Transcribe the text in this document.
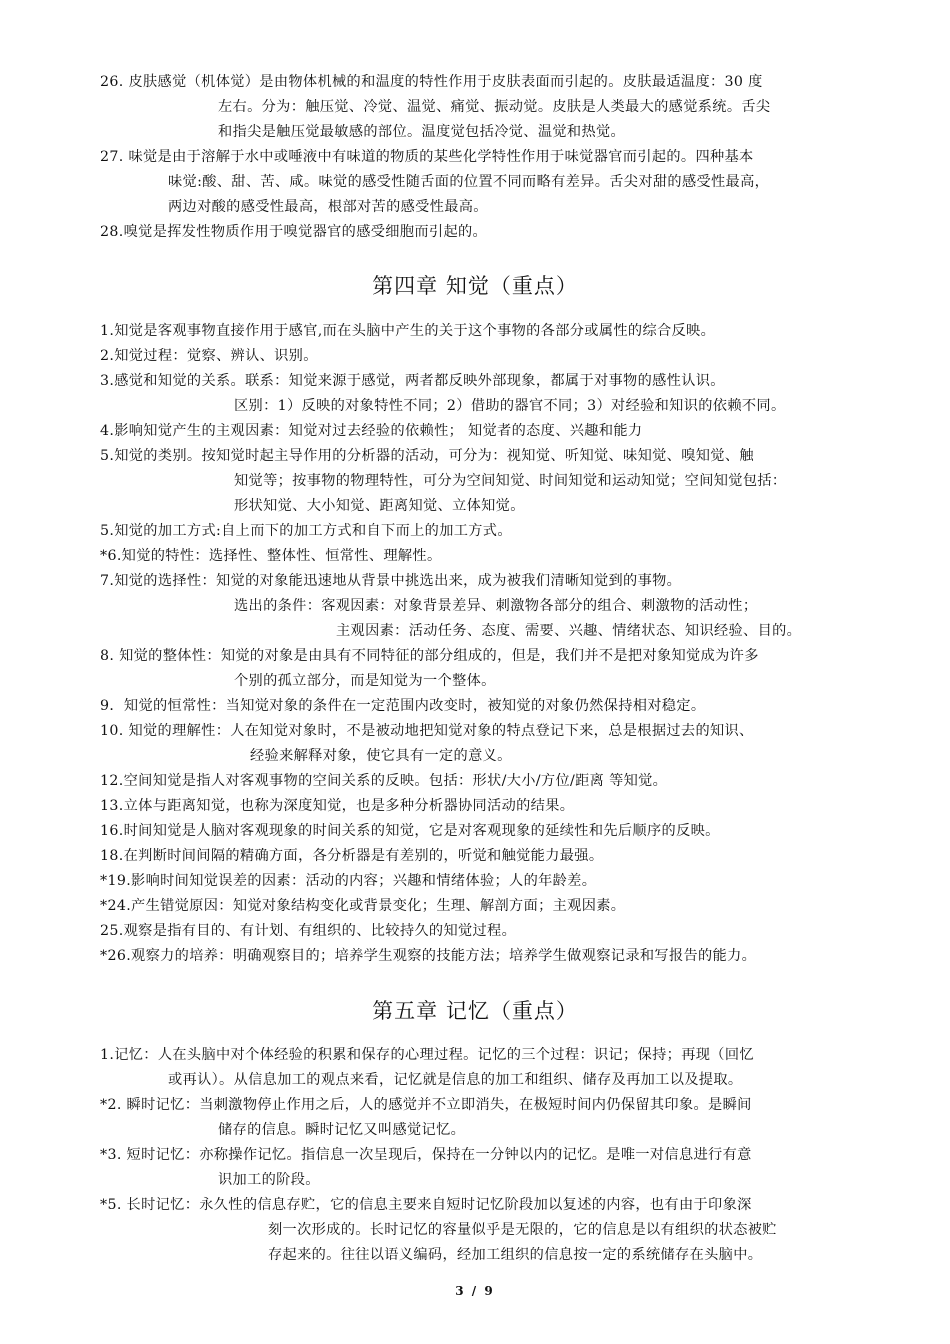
26. 皮肤感觉（机体觉）是由物体机械的和温度的特性作用于皮肤表面而引起的。皮肤最适温度：30 度
左右。分为：触压觉、冷觉、温觉、痛觉、振动觉。皮肤是人类最大的感觉系统。舌尖
和指尖是触压觉最敏感的部位。温度觉包括冷觉、温觉和热觉。
27. 味觉是由于溶解于水中或唾液中有味道的物质的某些化学特性作用于味觉器官而引起的。四种基本
味觉:酸、甜、苦、咸。味觉的感受性随舌面的位置不同而略有差异。舌尖对甜的感受性最高，
两边对酸的感受性最高，根部对苦的感受性最高。
28.嗅觉是挥发性物质作用于嗅觉器官的感受细胞而引起的。
第四章 知觉（重点）
1.知觉是客观事物直接作用于感官,而在头脑中产生的关于这个事物的各部分或属性的综合反映。
2.知觉过程：觉察、辨认、识别。
3.感觉和知觉的关系。联系：知觉来源于感觉，两者都反映外部现象，都属于对事物的感性认识。
区别：1）反映的对象特性不同；2）借助的器官不同；3）对经验和知识的依赖不同。
4.影响知觉产生的主观因素：知觉对过去经验的依赖性； 知觉者的态度、兴趣和能力
5.知觉的类别。按知觉时起主导作用的分析器的活动，可分为：视知觉、听知觉、味知觉、嗅知觉、触
知觉等；按事物的物理特性，可分为空间知觉、时间知觉和运动知觉；空间知觉包括：
形状知觉、大小知觉、距离知觉、立体知觉。
5.知觉的加工方式:自上而下的加工方式和自下而上的加工方式。
*6.知觉的特性：选择性、整体性、恒常性、理解性。
7.知觉的选择性：知觉的对象能迅速地从背景中挑选出来，成为被我们清晰知觉到的事物。
选出的条件：客观因素：对象背景差异、刺激物各部分的组合、刺激物的活动性；
主观因素：活动任务、态度、需要、兴趣、情绪状态、知识经验、目的。
8. 知觉的整体性：知觉的对象是由具有不同特征的部分组成的，但是，我们并不是把对象知觉成为许多
个别的孤立部分，而是知觉为一个整体。
9．知觉的恒常性：当知觉对象的条件在一定范围内改变时，被知觉的对象仍然保持相对稳定。
10. 知觉的理解性：人在知觉对象时，不是被动地把知觉对象的特点登记下来，总是根据过去的知识、
经验来解释对象，使它具有一定的意义。
12.空间知觉是指人对客观事物的空间关系的反映。包括：形状/大小/方位/距离 等知觉。
13.立体与距离知觉，也称为深度知觉，也是多种分析器协同活动的结果。
16.时间知觉是人脑对客观现象的时间关系的知觉，它是对客观现象的延续性和先后顺序的反映。
18.在判断时间间隔的精确方面，各分析器是有差别的，听觉和触觉能力最强。
*19.影响时间知觉误差的因素：活动的内容；兴趣和情绪体验；人的年龄差。
*24.产生错觉原因：知觉对象结构变化或背景变化；生理、解剖方面；主观因素。
25.观察是指有目的、有计划、有组织的、比较持久的知觉过程。
*26.观察力的培养：明确观察目的；培养学生观察的技能方法；培养学生做观察记录和写报告的能力。
第五章 记忆（重点）
1.记忆：人在头脑中对个体经验的积累和保存的心理过程。记忆的三个过程：识记；保持；再现（回忆
或再认）。从信息加工的观点来看，记忆就是信息的加工和组织、储存及再加工以及提取。
*2. 瞬时记忆：当刺激物停止作用之后，人的感觉并不立即消失，在极短时间内仍保留其印象。是瞬间
储存的信息。瞬时记忆又叫感觉记忆。
*3. 短时记忆：亦称操作记忆。指信息一次呈现后，保持在一分钟以内的记忆。是唯一对信息进行有意
识加工的阶段。
*5. 长时记忆：永久性的信息存贮，它的信息主要来自短时记忆阶段加以复述的内容，也有由于印象深
刻一次形成的。长时记忆的容量似乎是无限的，它的信息是以有组织的状态被贮
存起来的。往往以语义编码，经加工组织的信息按一定的系统储存在头脑中。
3 / 9
